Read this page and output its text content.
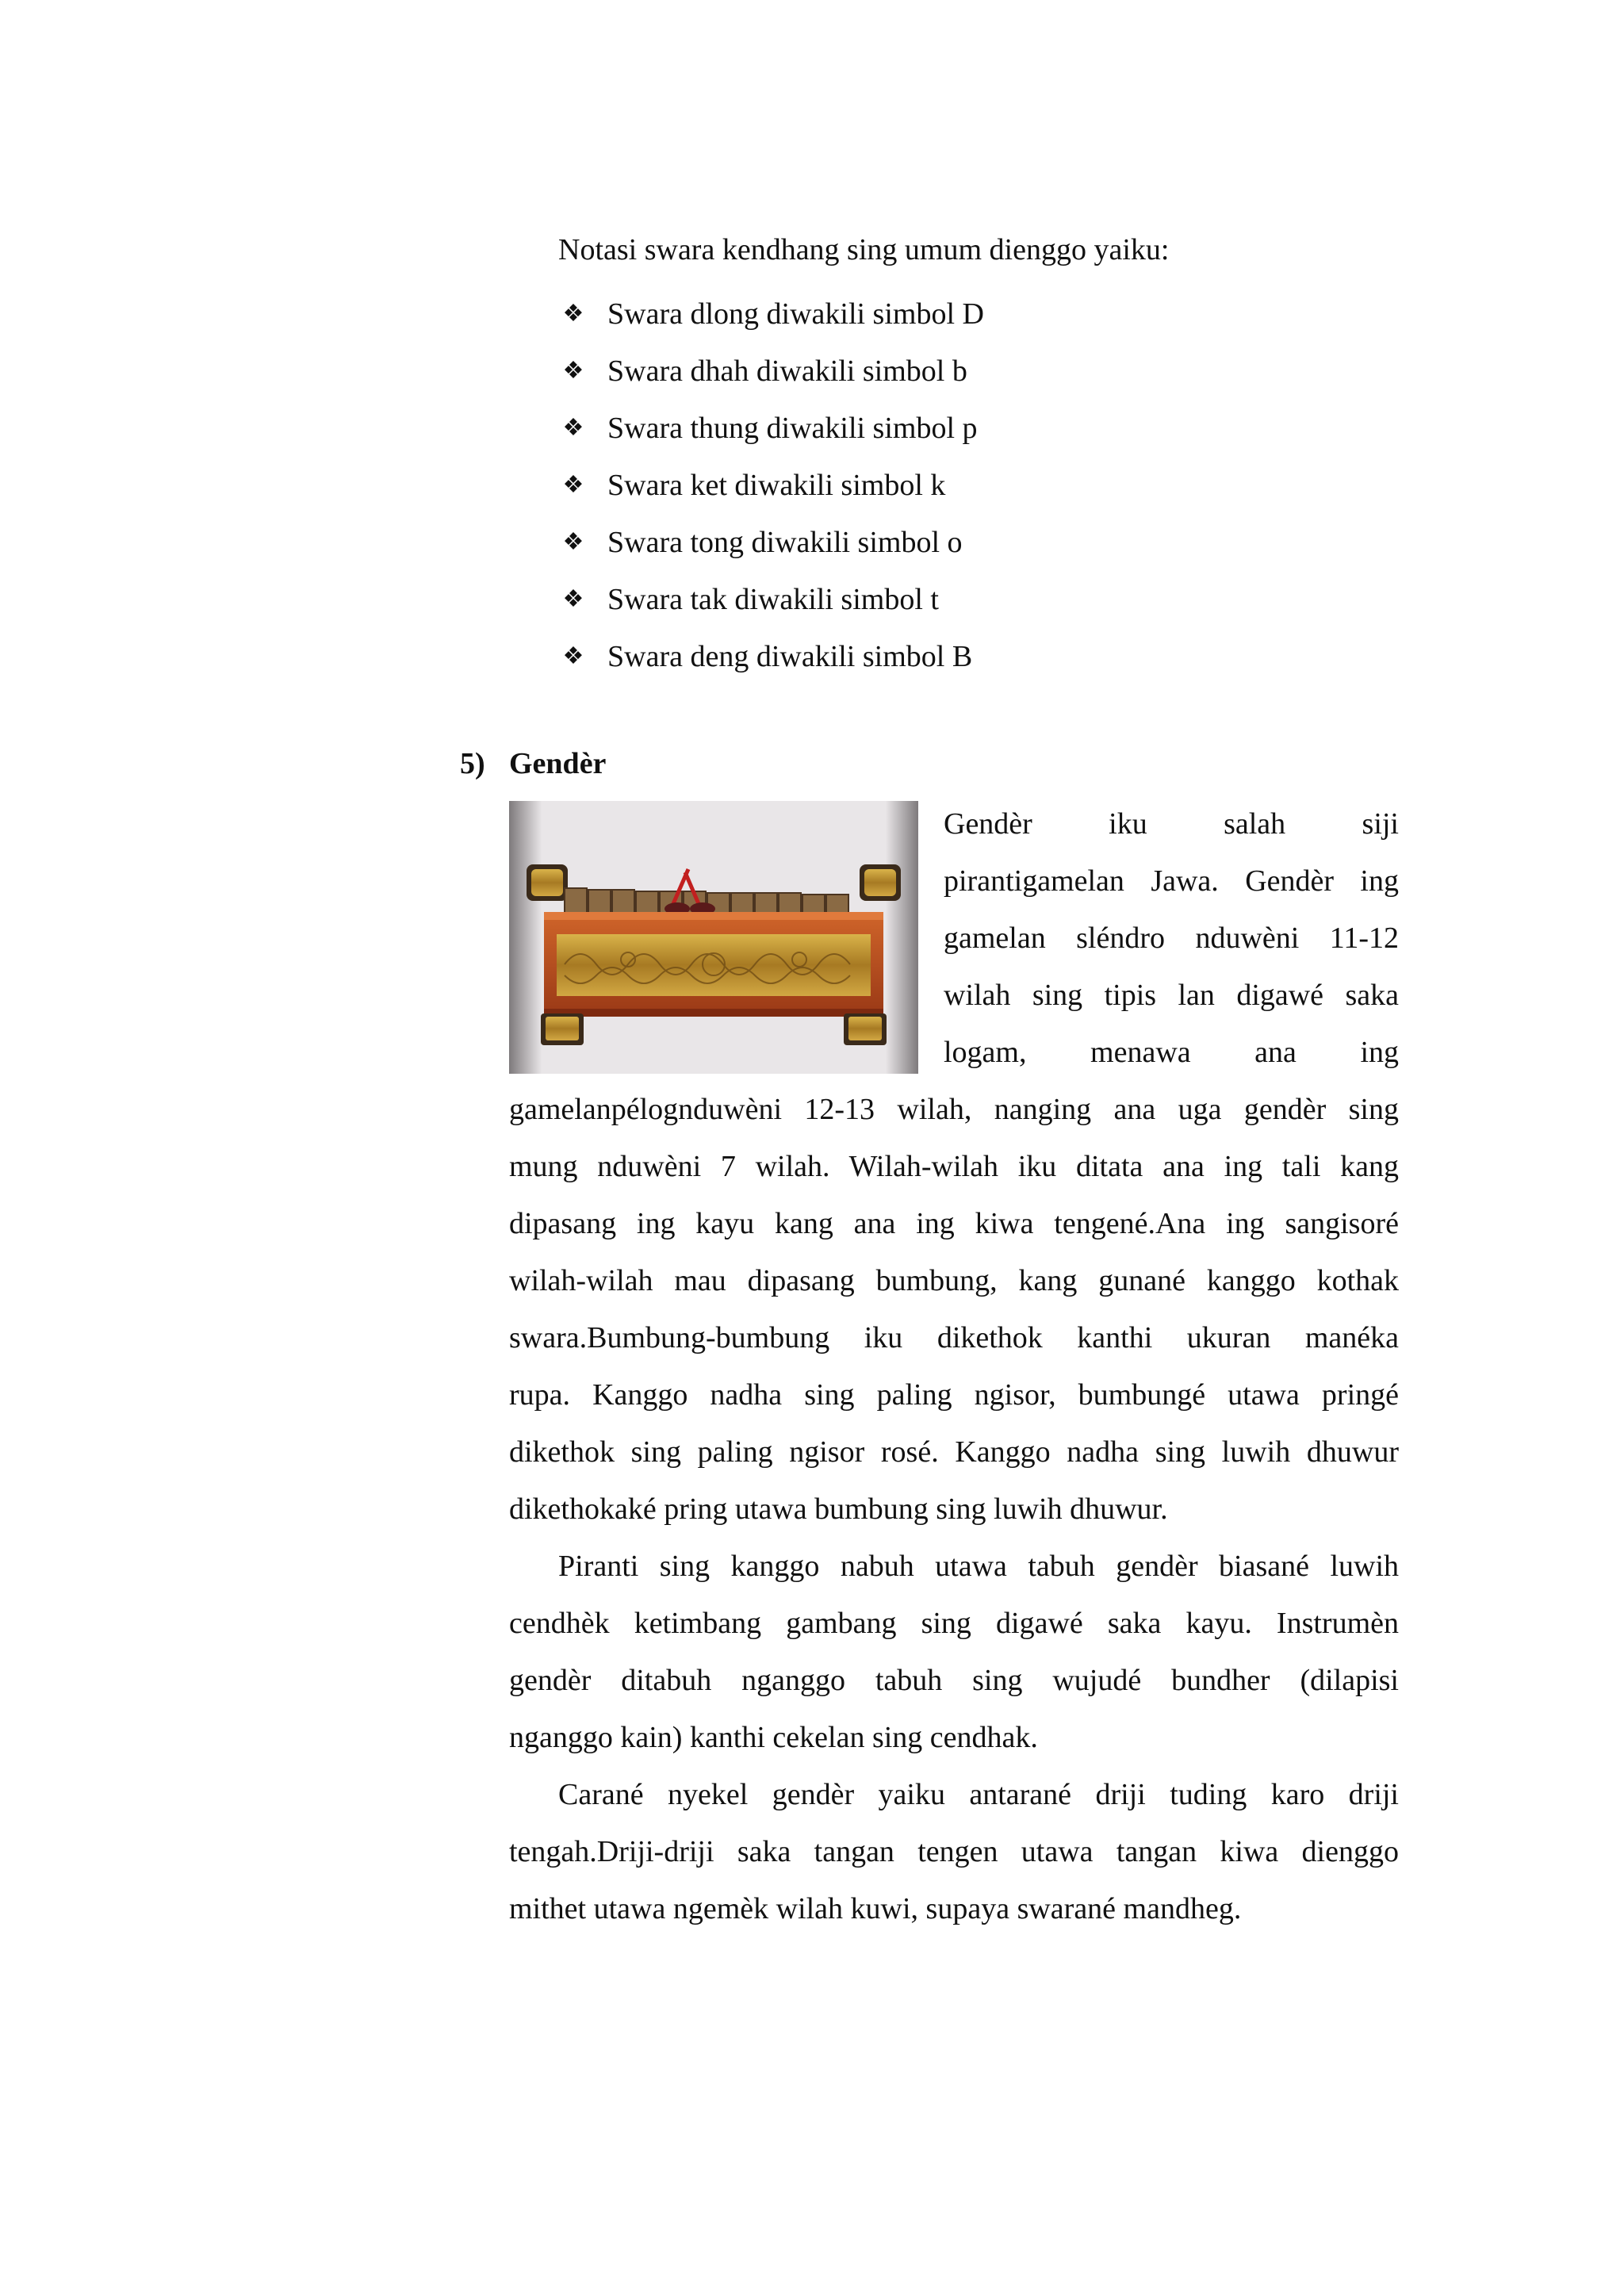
Notasi swara kendhang sing umum dienggo yaiku:

❖ Swara dlong diwakili simbol D
❖ Swara dhah diwakili simbol b
❖ Swara thung diwakili simbol p
❖ Swara ket diwakili simbol k
❖ Swara tong diwakili simbol o
❖ Swara tak diwakili simbol t
❖ Swara deng diwakili simbol B
5) Gendèr
Gendèr iku salah siji
pirantigamelan Jawa. Gendèr ing
gamelan sléndro nduwèni 11-12
wilah sing tipis lan digawé saka
logam, menawa ana ing
gamelanpélognduwèni 12-13 wilah, nanging ana uga gendèr sing
mung nduwèni 7 wilah. Wilah-wilah iku ditata ana ing tali kang
dipasang ing kayu kang ana ing kiwa tengené.Ana ing sangisoré
wilah-wilah mau dipasang bumbung, kang gunané kanggo kothak
swara.Bumbung-bumbung iku dikethok kanthi ukuran manéka
rupa. Kanggo nadha sing paling ngisor, bumbungé utawa pringé
dikethok sing paling ngisor rosé. Kanggo nadha sing luwih dhuwur
dikethokaké pring utawa bumbung sing luwih dhuwur.
Piranti sing kanggo nabuh utawa tabuh gendèr biasané luwih
cendhèk ketimbang gambang sing digawé saka kayu. Instrumèn
gendèr ditabuh nganggo tabuh sing wujudé bundher (dilapisi
nganggo kain) kanthi cekelan sing cendhak.
Carané nyekel gendèr yaiku antarané driji tuding karo driji
tengah.Driji-driji saka tangan tengen utawa tangan kiwa dienggo
mithet utawa ngemèk wilah kuwi, supaya swarané mandheg.
